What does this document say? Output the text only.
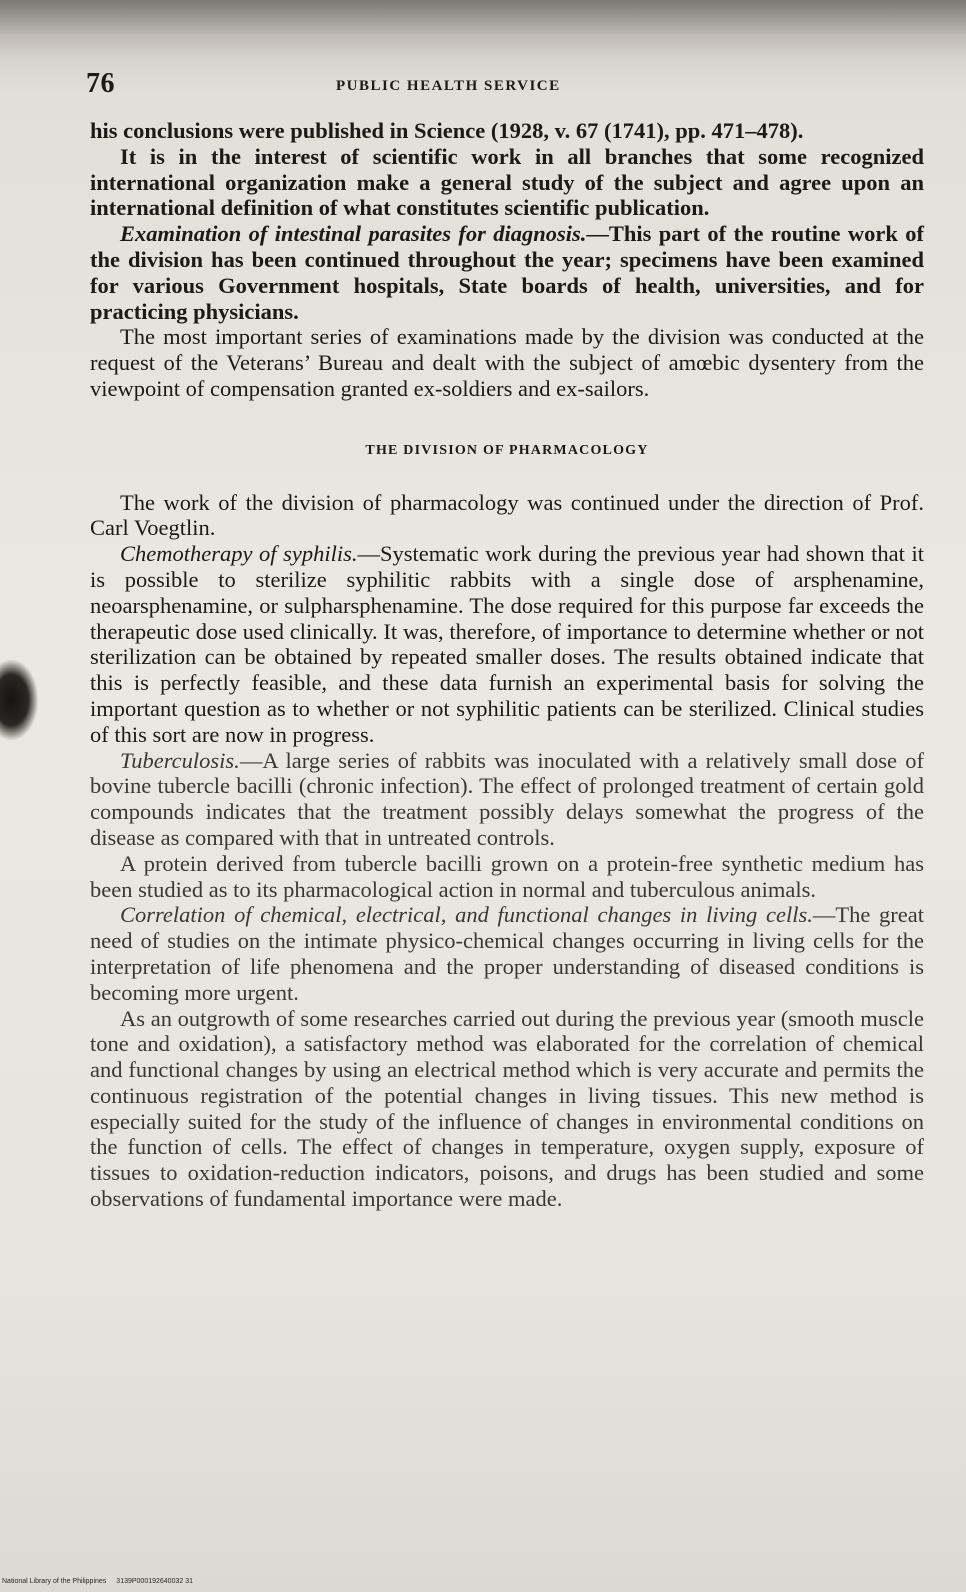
76	PUBLIC HEALTH SERVICE

his conclusions were published in Science (1928, v. 67 (1741), pp. 471–478).

It is in the interest of scientific work in all branches that some recognized international organization make a general study of the subject and agree upon an international definition of what constitutes scientific publication.

Examination of intestinal parasites for diagnosis.—This part of the routine work of the division has been continued throughout the year; specimens have been examined for various Government hospitals, State boards of health, universities, and for practicing physicians.

The most important series of examinations made by the division was conducted at the request of the Veterans’ Bureau and dealt with the subject of amœbic dysentery from the viewpoint of compensation granted ex-soldiers and ex-sailors.

THE DIVISION OF PHARMACOLOGY

The work of the division of pharmacology was continued under the direction of Prof. Carl Voegtlin.

Chemotherapy of syphilis.—Systematic work during the previous year had shown that it is possible to sterilize syphilitic rabbits with a single dose of arsphenamine, neoarsphenamine, or sulpharsphenamine. The dose required for this purpose far exceeds the therapeutic dose used clinically. It was, therefore, of importance to determine whether or not sterilization can be obtained by repeated smaller doses. The results obtained indicate that this is perfectly feasible, and these data furnish an experimental basis for solving the important question as to whether or not syphilitic patients can be sterilized. Clinical studies of this sort are now in progress.

Tuberculosis.—A large series of rabbits was inoculated with a relatively small dose of bovine tubercle bacilli (chronic infection). The effect of prolonged treatment of certain gold compounds indicates that the treatment possibly delays somewhat the progress of the disease as compared with that in untreated controls.

A protein derived from tubercle bacilli grown on a protein-free synthetic medium has been studied as to its pharmacological action in normal and tuberculous animals.

Correlation of chemical, electrical, and functional changes in living cells.—The great need of studies on the intimate physico-chemical changes occurring in living cells for the interpretation of life phenomena and the proper understanding of diseased conditions is becoming more urgent.

As an outgrowth of some researches carried out during the previous year (smooth muscle tone and oxidation), a satisfactory method was elaborated for the correlation of chemical and functional changes by using an electrical method which is very accurate and permits the continuous registration of the potential changes in living tissues. This new method is especially suited for the study of the influence of changes in environmental conditions on the function of cells. The effect of changes in temperature, oxygen supply, exposure of tissues to oxidation-reduction indicators, poisons, and drugs has been studied and some observations of fundamental importance were made.

National Library of the Philippines 3139P000192640032 31
